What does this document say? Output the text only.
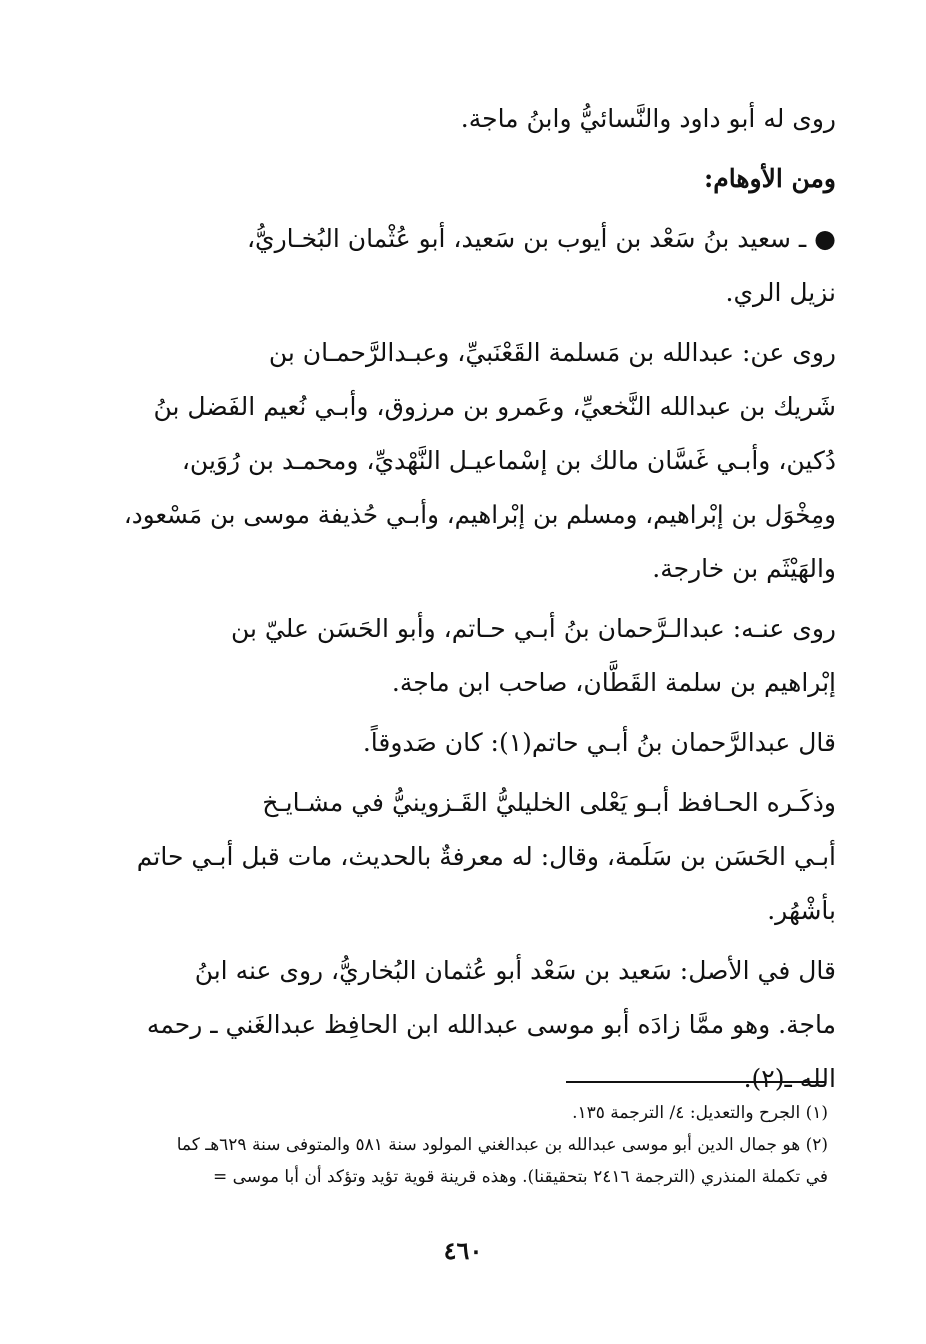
روى له أبو داود والنَّسائيُّ وابنُ ماجة.
ومن الأوهام:
● ـ سعيد بنُ سَعْد بن أيوب بن سَعيد، أبو عُثْمان البُخـاريُّ،
نزيل الري.
روى عن: عبدالله بن مَسلمة القَعْنَبيِّ، وعبـدالرَّحمـان بن
شَريك بن عبدالله النَّخعيِّ، وعَمرو بن مرزوق، وأبـي نُعيم الفَضل بنُ
دُكين، وأبـي غَسَّان مالك بن إسْماعيـل النَّهْديِّ، ومحمـد بن رُوَين،
ومِخْوَل بن إبْراهيم، ومسلم بن إبْراهيم، وأبـي حُذيفة موسى بن مَسْعود،
والهَيْثَم بن خارجة.
روى عنـه: عبدالـرَّحمان بنُ أبـي حـاتم، وأبو الحَسَن عليّ بن
إبْراهيم بن سلمة القَطَّان، صاحب ابن ماجة.
قال عبدالرَّحمان بنُ أبـي حاتم(١): كان صَدوقاً.
وذكَـره الحـافظ أبـو يَعْلى الخليليُّ القَـزوينيُّ في مشـايـخ
أبـي الحَسَن بن سَلَمة، وقال: له معرفةٌ بالحديث، مات قبل أبـي حاتم
بأشْهُر.
قال في الأصل: سَعيد بن سَعْد أبو عُثمان البُخاريُّ، روى عنه ابنُ
ماجة. وهو ممَّا زادَه أبو موسى عبدالله ابن الحافِظ عبدالغَني ـ رحمه
الله ـ(٢).
(١) الجرح والتعديل: ٤/ الترجمة ١٣٥.
(٢) هو جمال الدين أبو موسى عبدالله بن عبدالغني المولود سنة ٥٨١ والمتوفى سنة ٦٢٩هـ كما
في تكملة المنذري (الترجمة ٢٤١٦ بتحقيقنا). وهذه قرينة قوية تؤيد وتؤكد أن أبا موسى =
٤٦٠
